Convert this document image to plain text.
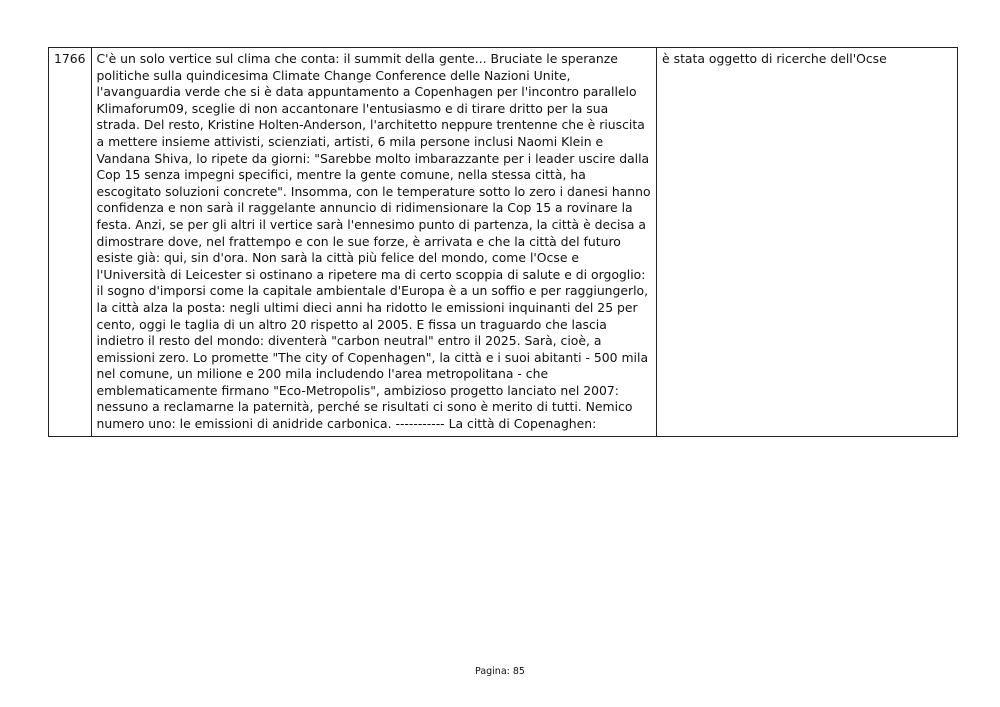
1766	C'è un solo vertice sul clima che conta: il summit della gente... Bruciate le speranze politiche sulla quindicesima Climate Change Conference delle Nazioni Unite, l'avanguardia verde che si è data appuntamento a Copenhagen per l'incontro parallelo Klimaforum09, sceglie di non accantonare l'entusiasmo e di tirare dritto per la sua strada. Del resto, Kristine Holten-Anderson, l'architetto neppure trentenne che è riuscita a mettere insieme attivisti, scienziati, artisti, 6 mila persone inclusi Naomi Klein e Vandana Shiva, lo ripete da giorni: "Sarebbe molto imbarazzante per i leader uscire dalla Cop 15 senza impegni specifici, mentre la gente comune, nella stessa città, ha escogitato soluzioni concrete". Insomma, con le temperature sotto lo zero i danesi hanno confidenza e non sarà il raggelante annuncio di ridimensionare la Cop 15 a rovinare la festa. Anzi, se per gli altri il vertice sarà l'ennesimo punto di partenza, la città è decisa a dimostrare dove, nel frattempo e con le sue forze, è arrivata e che la città del futuro esiste già: qui, sin d'ora. Non sarà la città più felice del mondo, come l'Ocse e l'Università di Leicester si ostinano a ripetere ma di certo scoppia di salute e di orgoglio: il sogno d'imporsi come la capitale ambientale d'Europa è a un soffio e per raggiungerlo, la città alza la posta: negli ultimi dieci anni ha ridotto le emissioni inquinanti del 25 per cento, oggi le taglia di un altro 20 rispetto al 2005. E fissa un traguardo che lascia indietro il resto del mondo: diventerà "carbon neutral" entro il 2025. Sarà, cioè, a emissioni zero. Lo promette "The city of Copenhagen", la città e i suoi abitanti - 500 mila nel comune, un milione e 200 mila includendo l'area metropolitana - che emblematicamente firmano "Eco-Metropolis", ambizioso progetto lanciato nel 2007: nessuno a reclamarne la paternità, perché se risultati ci sono è merito di tutti. Nemico numero uno: le emissioni di anidride carbonica. ----------- La città di Copenaghen:	è stata oggetto di ricerche dell'Ocse
Pagina: 85
